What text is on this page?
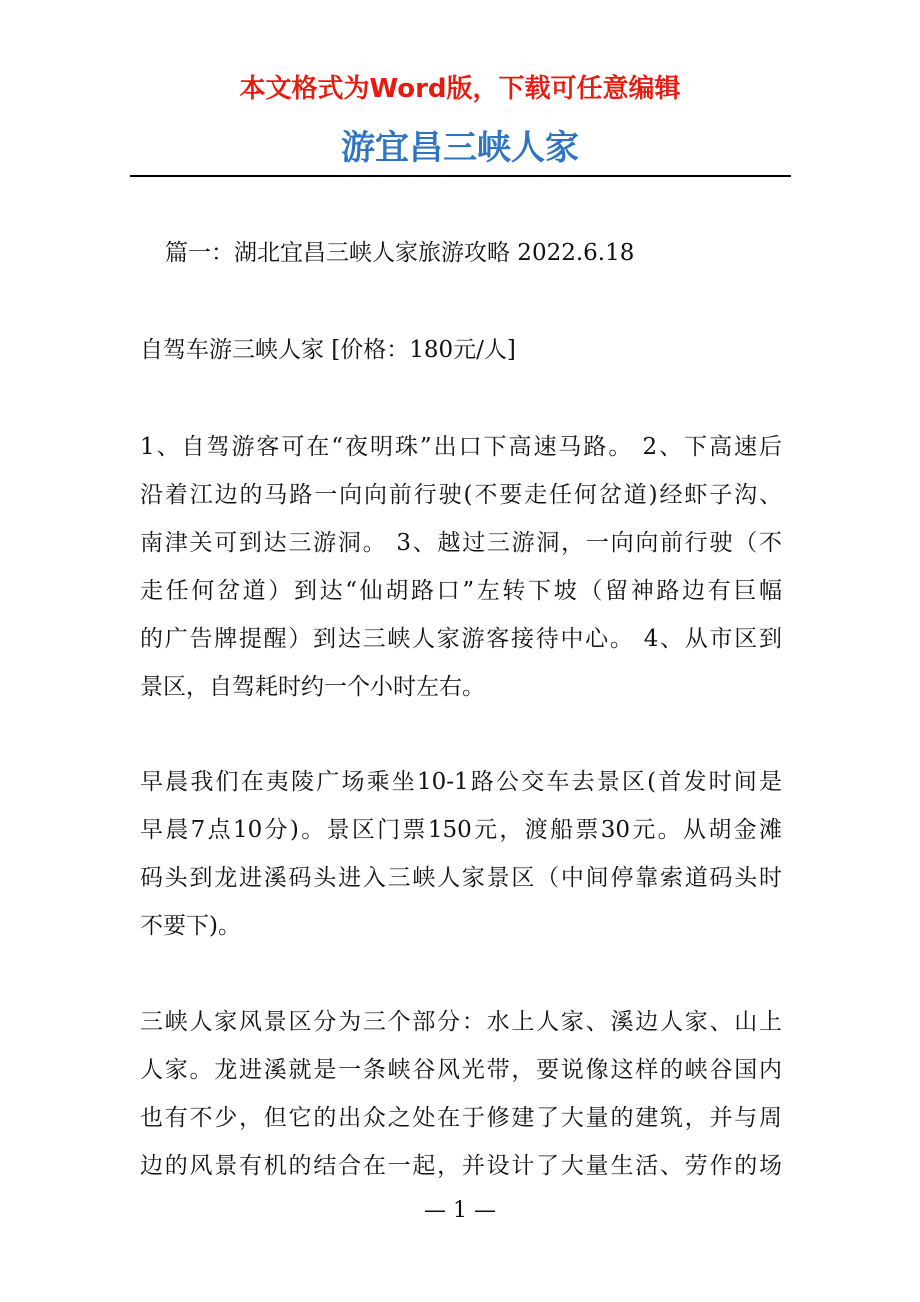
本文格式为Word版，下载可任意编辑
游宜昌三峡人家
篇一：湖北宜昌三峡人家旅游攻略 2022.6.18
自驾车游三峡人家 [价格：180元/人]
1、自驾游客可在“夜明珠”出口下高速马路。 2、下高速后
沿着江边的马路一向向前行驶(不要走任何岔道)经虾子沟、
南津关可到达三游洞。 3、越过三游洞，一向向前行驶（不
走任何岔道）到达“仙胡路口”左转下坡（留神路边有巨幅
的广告牌提醒）到达三峡人家游客接待中心。 4、从市区到
景区，自驾耗时约一个小时左右。
早晨我们在夷陵广场乘坐10-1路公交车去景区(首发时间是
早晨7点10分)。景区门票150元，渡船票30元。从胡金滩
码头到龙进溪码头进入三峡人家景区（中间停靠索道码头时
不要下)。
三峡人家风景区分为三个部分：水上人家、溪边人家、山上
人家。龙进溪就是一条峡谷风光带，要说像这样的峡谷国内
也有不少，但它的出众之处在于修建了大量的建筑，并与周
边的风景有机的结合在一起，并设计了大量生活、劳作的场
— 1 —
